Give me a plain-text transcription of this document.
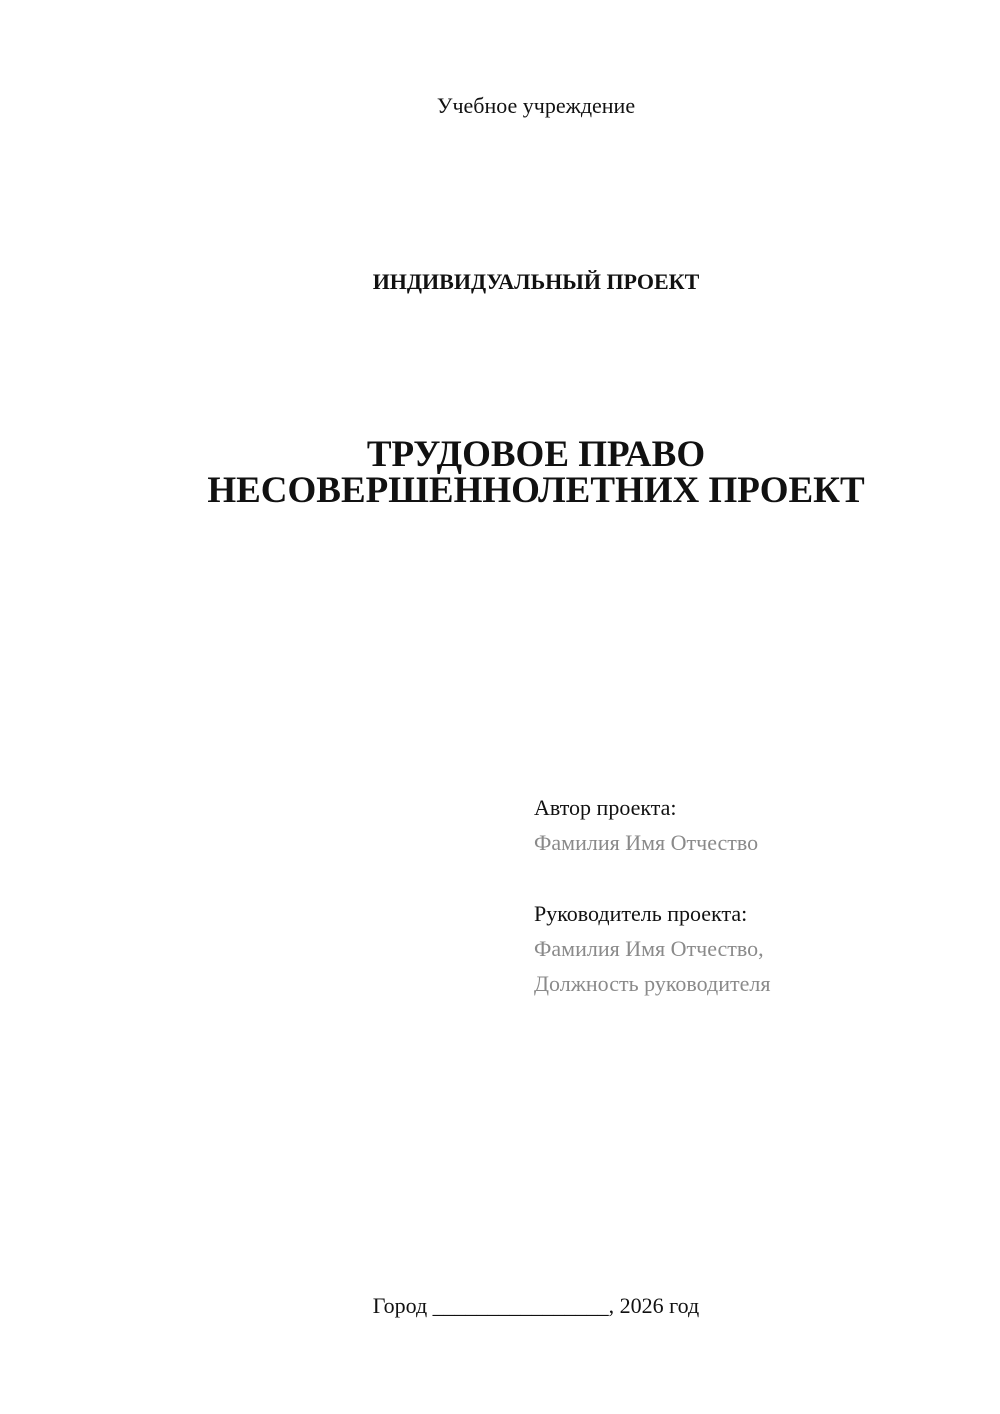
Учебное учреждение
ИНДИВИДУАЛЬНЫЙ ПРОЕКТ
ТРУДОВОЕ ПРАВО
НЕСОВЕРШЕННОЛЕТНИХ ПРОЕКТ
Автор проекта:
Фамилия Имя Отчество
Руководитель проекта:
Фамилия Имя Отчество,
Должность руководителя
Город ________________, 2026 год
